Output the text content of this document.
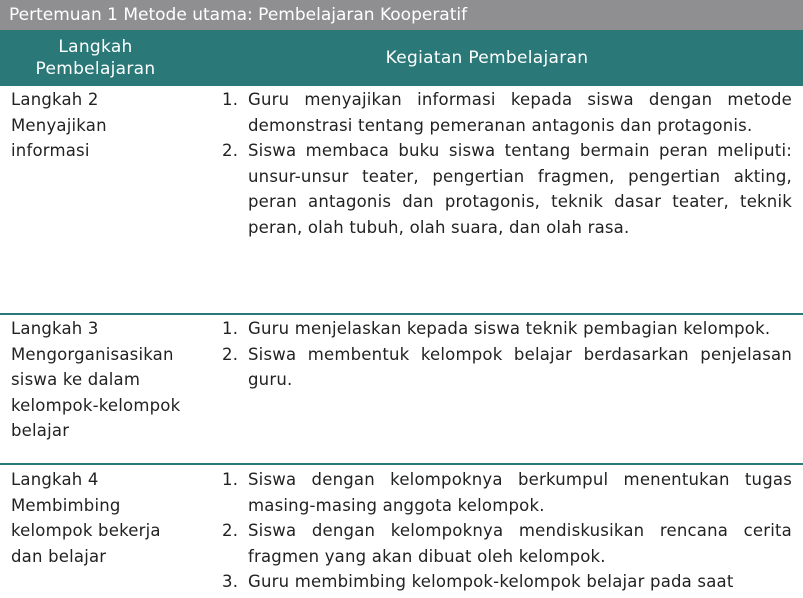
Pertemuan 1 Metode utama: Pembelajaran Kooperatif
Langkah
Pembelajaran
Kegiatan Pembelajaran
Langkah 2
Menyajikan
informasi
1. Guru menyajikan informasi kepada siswa dengan metode demonstrasi tentang pemeranan antagonis dan protagonis.
2. Siswa membaca buku siswa tentang bermain peran meliputi: unsur-unsur teater, pengertian fragmen, pengertian akting, peran antagonis dan protagonis, teknik dasar teater, teknik peran, olah tubuh, olah suara, dan olah rasa.
Langkah 3
Mengorganisasikan
siswa ke dalam
kelompok-kelompok
belajar
1. Guru menjelaskan kepada siswa teknik pembagian kelompok.
2. Siswa membentuk kelompok belajar berdasarkan penjelasan guru.
Langkah 4
Membimbing
kelompok bekerja
dan belajar
1. Siswa dengan kelompoknya berkumpul menentukan tugas masing-masing anggota kelompok.
2. Siswa dengan kelompoknya mendiskusikan rencana cerita fragmen yang akan dibuat oleh kelompok.
3. Guru membimbing kelompok-kelompok belajar pada saat
